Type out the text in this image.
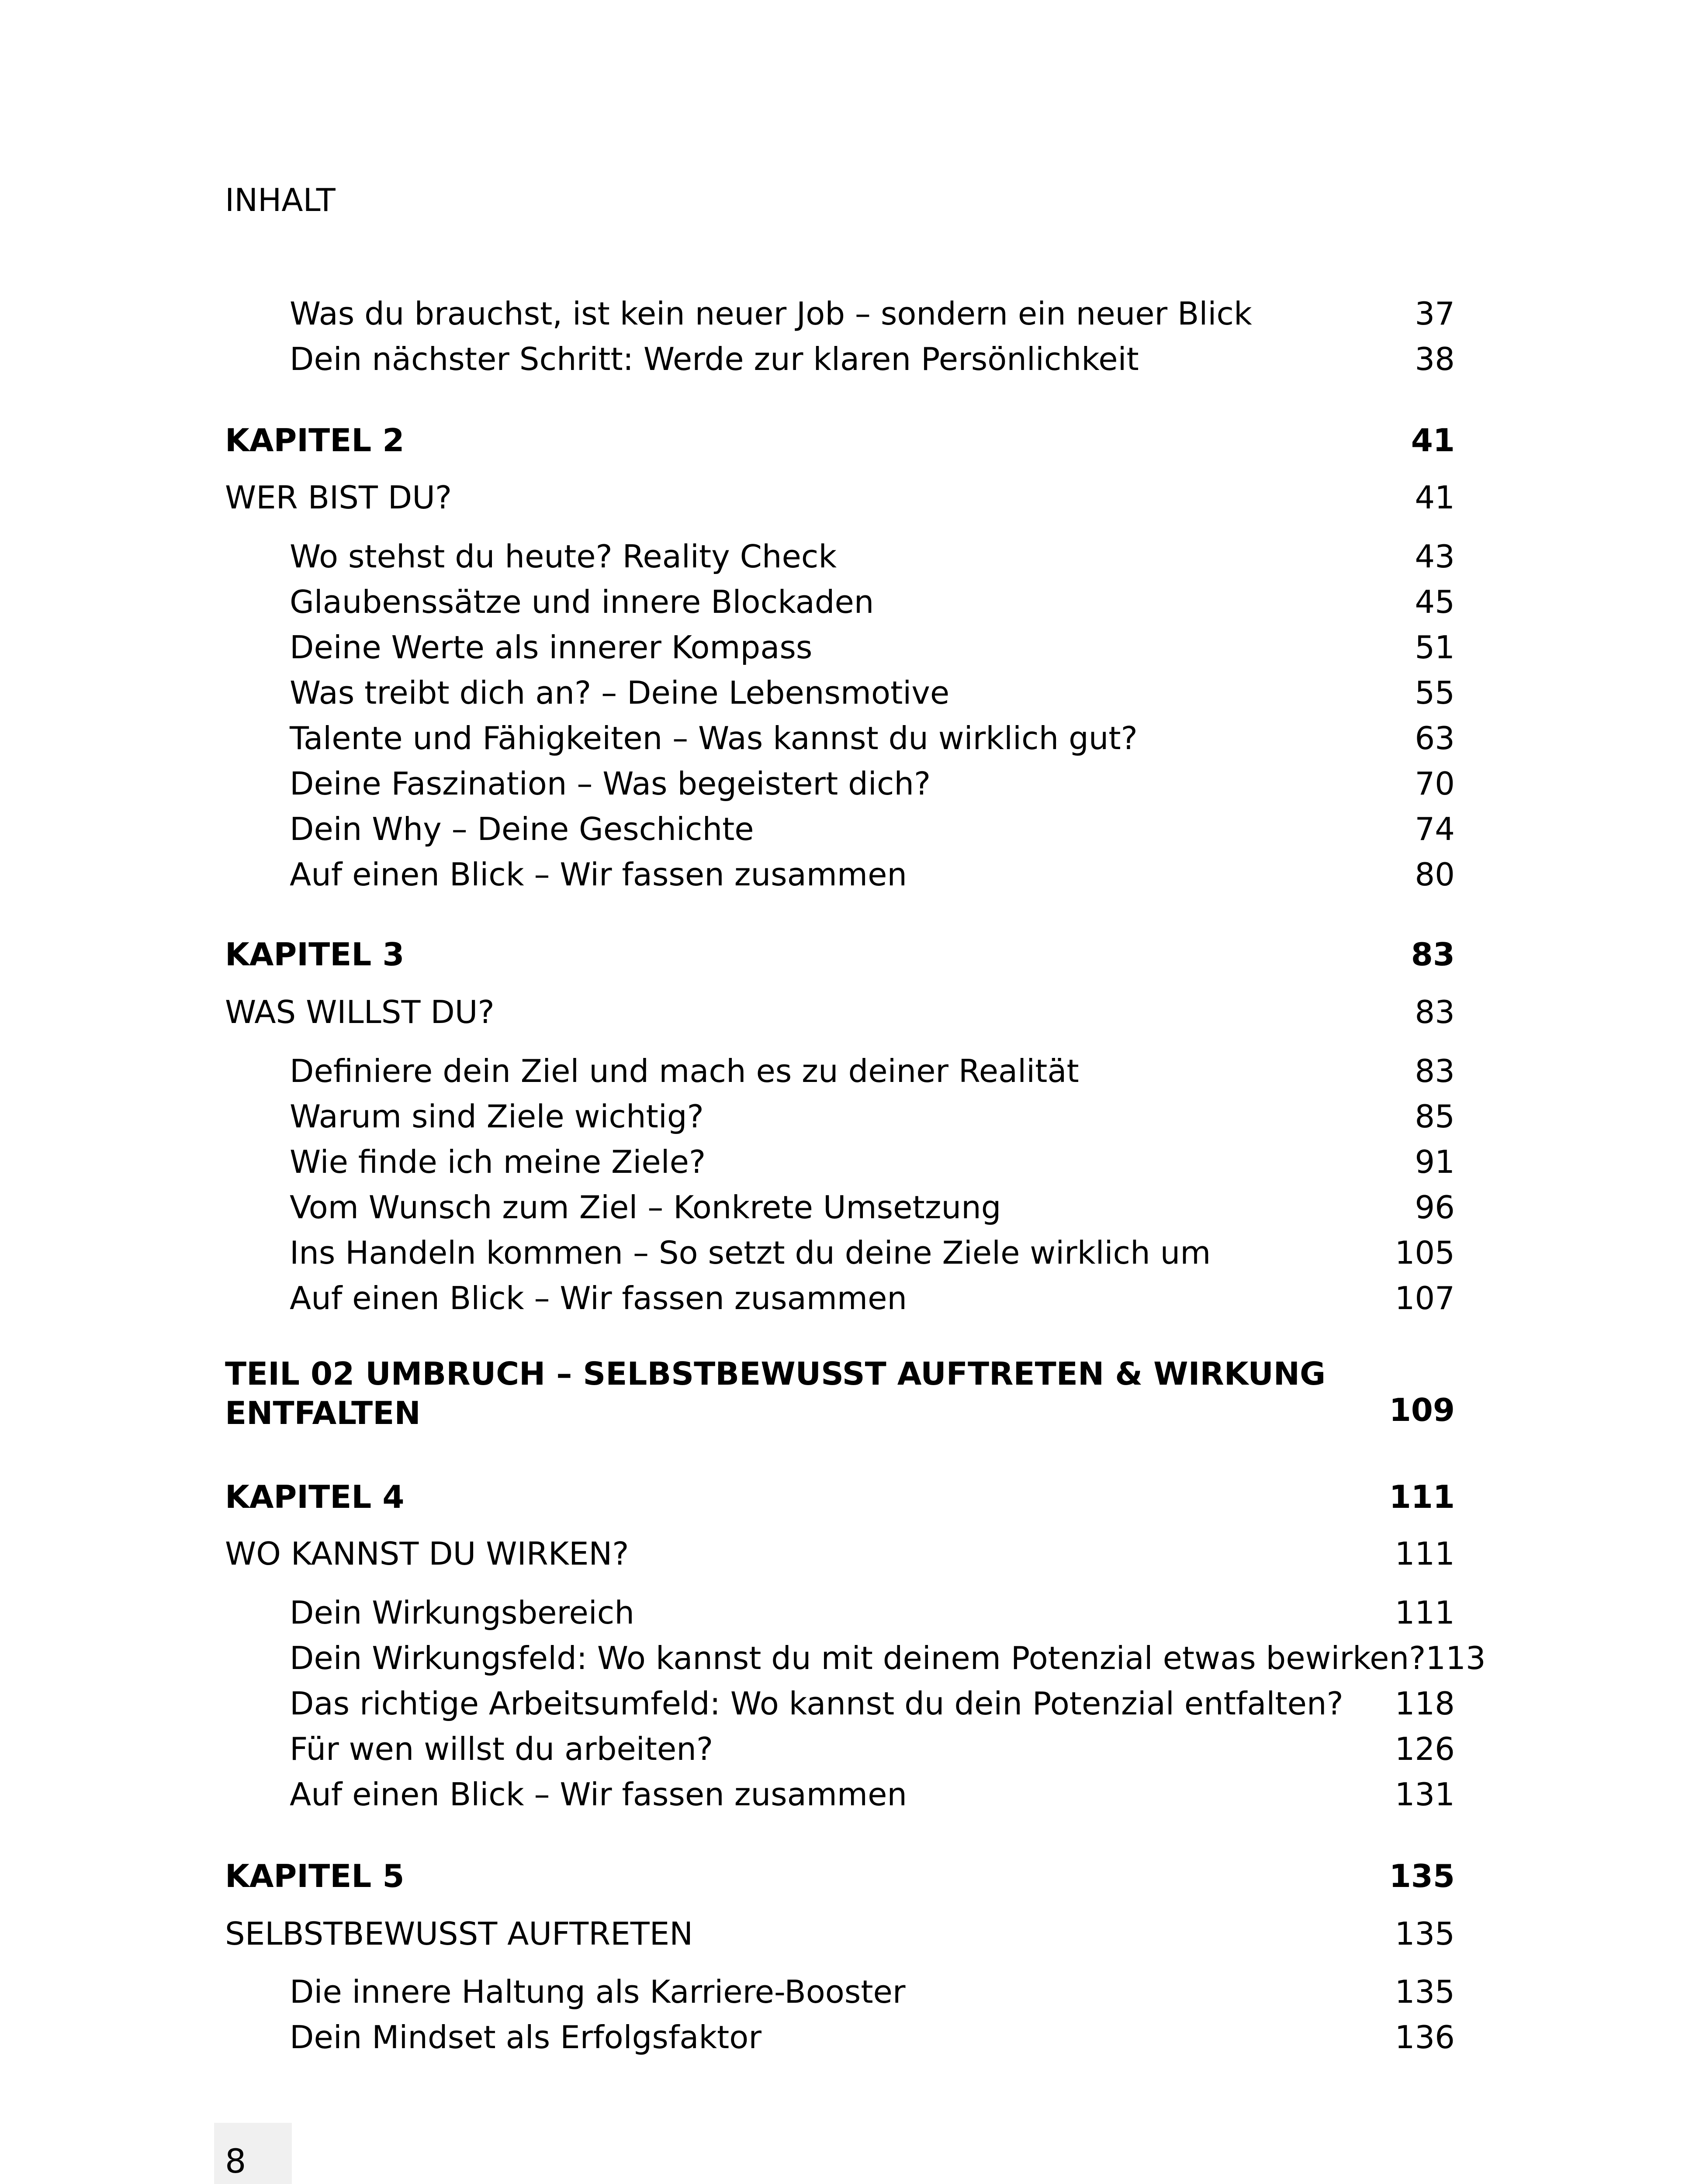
INHALT
Was du brauchst, ist kein neuer Job – sondern ein neuer Blick	37
Dein nächster Schritt: Werde zur klaren Persönlichkeit	38
KAPITEL 2	41
WER BIST DU?	41
Wo stehst du heute? Reality Check	43
Glaubenssätze und innere Blockaden	45
Deine Werte als innerer Kompass	51
Was treibt dich an? – Deine Lebensmotive	55
Talente und Fähigkeiten – Was kannst du wirklich gut?	63
Deine Faszination – Was begeistert dich?	70
Dein Why – Deine Geschichte	74
Auf einen Blick – Wir fassen zusammen	80
KAPITEL 3	83
WAS WILLST DU?	83
Definiere dein Ziel und mach es zu deiner Realität	83
Warum sind Ziele wichtig?	85
Wie finde ich meine Ziele?	91
Vom Wunsch zum Ziel – Konkrete Umsetzung	96
Ins Handeln kommen – So setzt du deine Ziele wirklich um	105
Auf einen Blick – Wir fassen zusammen	107
TEIL 02 UMBRUCH – SELBSTBEWUSST AUFTRETEN & WIRKUNG ENTFALTEN	109
KAPITEL 4	111
WO KANNST DU WIRKEN?	111
Dein Wirkungsbereich	111
Dein Wirkungsfeld: Wo kannst du mit deinem Potenzial etwas bewirken? 113
Das richtige Arbeitsumfeld: Wo kannst du dein Potenzial entfalten? 118
Für wen willst du arbeiten?	126
Auf einen Blick – Wir fassen zusammen	131
KAPITEL 5	135
SELBSTBEWUSST AUFTRETEN	135
Die innere Haltung als Karriere-Booster	135
Dein Mindset als Erfolgsfaktor	136
8
